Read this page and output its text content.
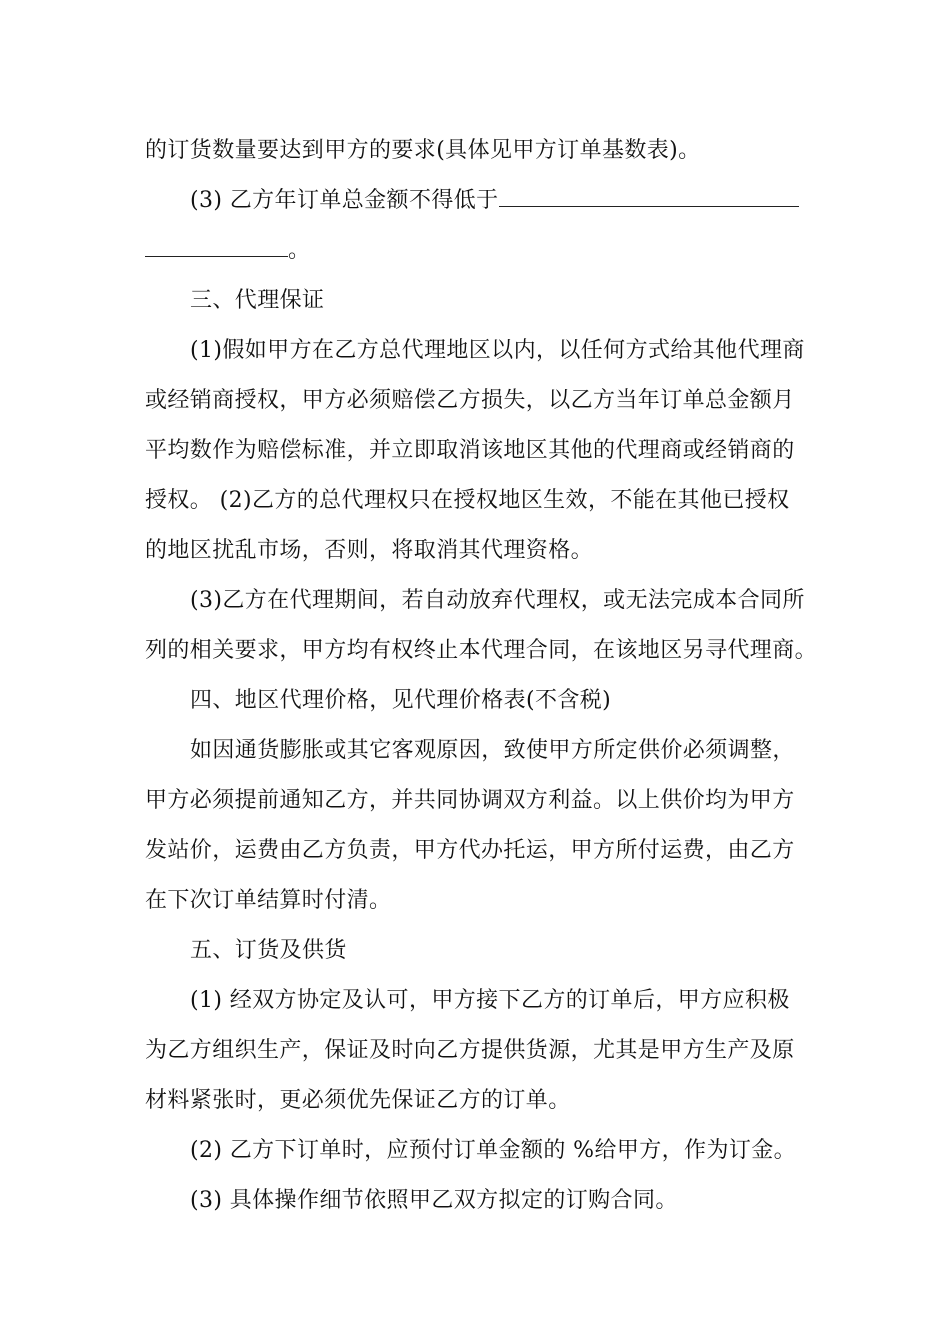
的订货数量要达到甲方的要求(具体见甲方订单基数表)。
(3) 乙方年订单总金额不得低于
。
三、代理保证
(1)假如甲方在乙方总代理地区以内，以任何方式给其他代理商
或经销商授权，甲方必须赔偿乙方损失，以乙方当年订单总金额月
平均数作为赔偿标准，并立即取消该地区其他的代理商或经销商的
授权。 (2)乙方的总代理权只在授权地区生效，不能在其他已授权
的地区扰乱市场，否则，将取消其代理资格。
(3)乙方在代理期间，若自动放弃代理权，或无法完成本合同所
列的相关要求，甲方均有权终止本代理合同，在该地区另寻代理商。
四、地区代理价格，见代理价格表(不含税)
如因通货膨胀或其它客观原因，致使甲方所定供价必须调整，
甲方必须提前通知乙方，并共同协调双方利益。以上供价均为甲方
发站价，运费由乙方负责，甲方代办托运，甲方所付运费，由乙方
在下次订单结算时付清。
五、订货及供货
(1) 经双方协定及认可，甲方接下乙方的订单后，甲方应积极
为乙方组织生产，保证及时向乙方提供货源，尤其是甲方生产及原
材料紧张时，更必须优先保证乙方的订单。
(2) 乙方下订单时，应预付订单金额的 %给甲方，作为订金。
(3) 具体操作细节依照甲乙双方拟定的订购合同。
